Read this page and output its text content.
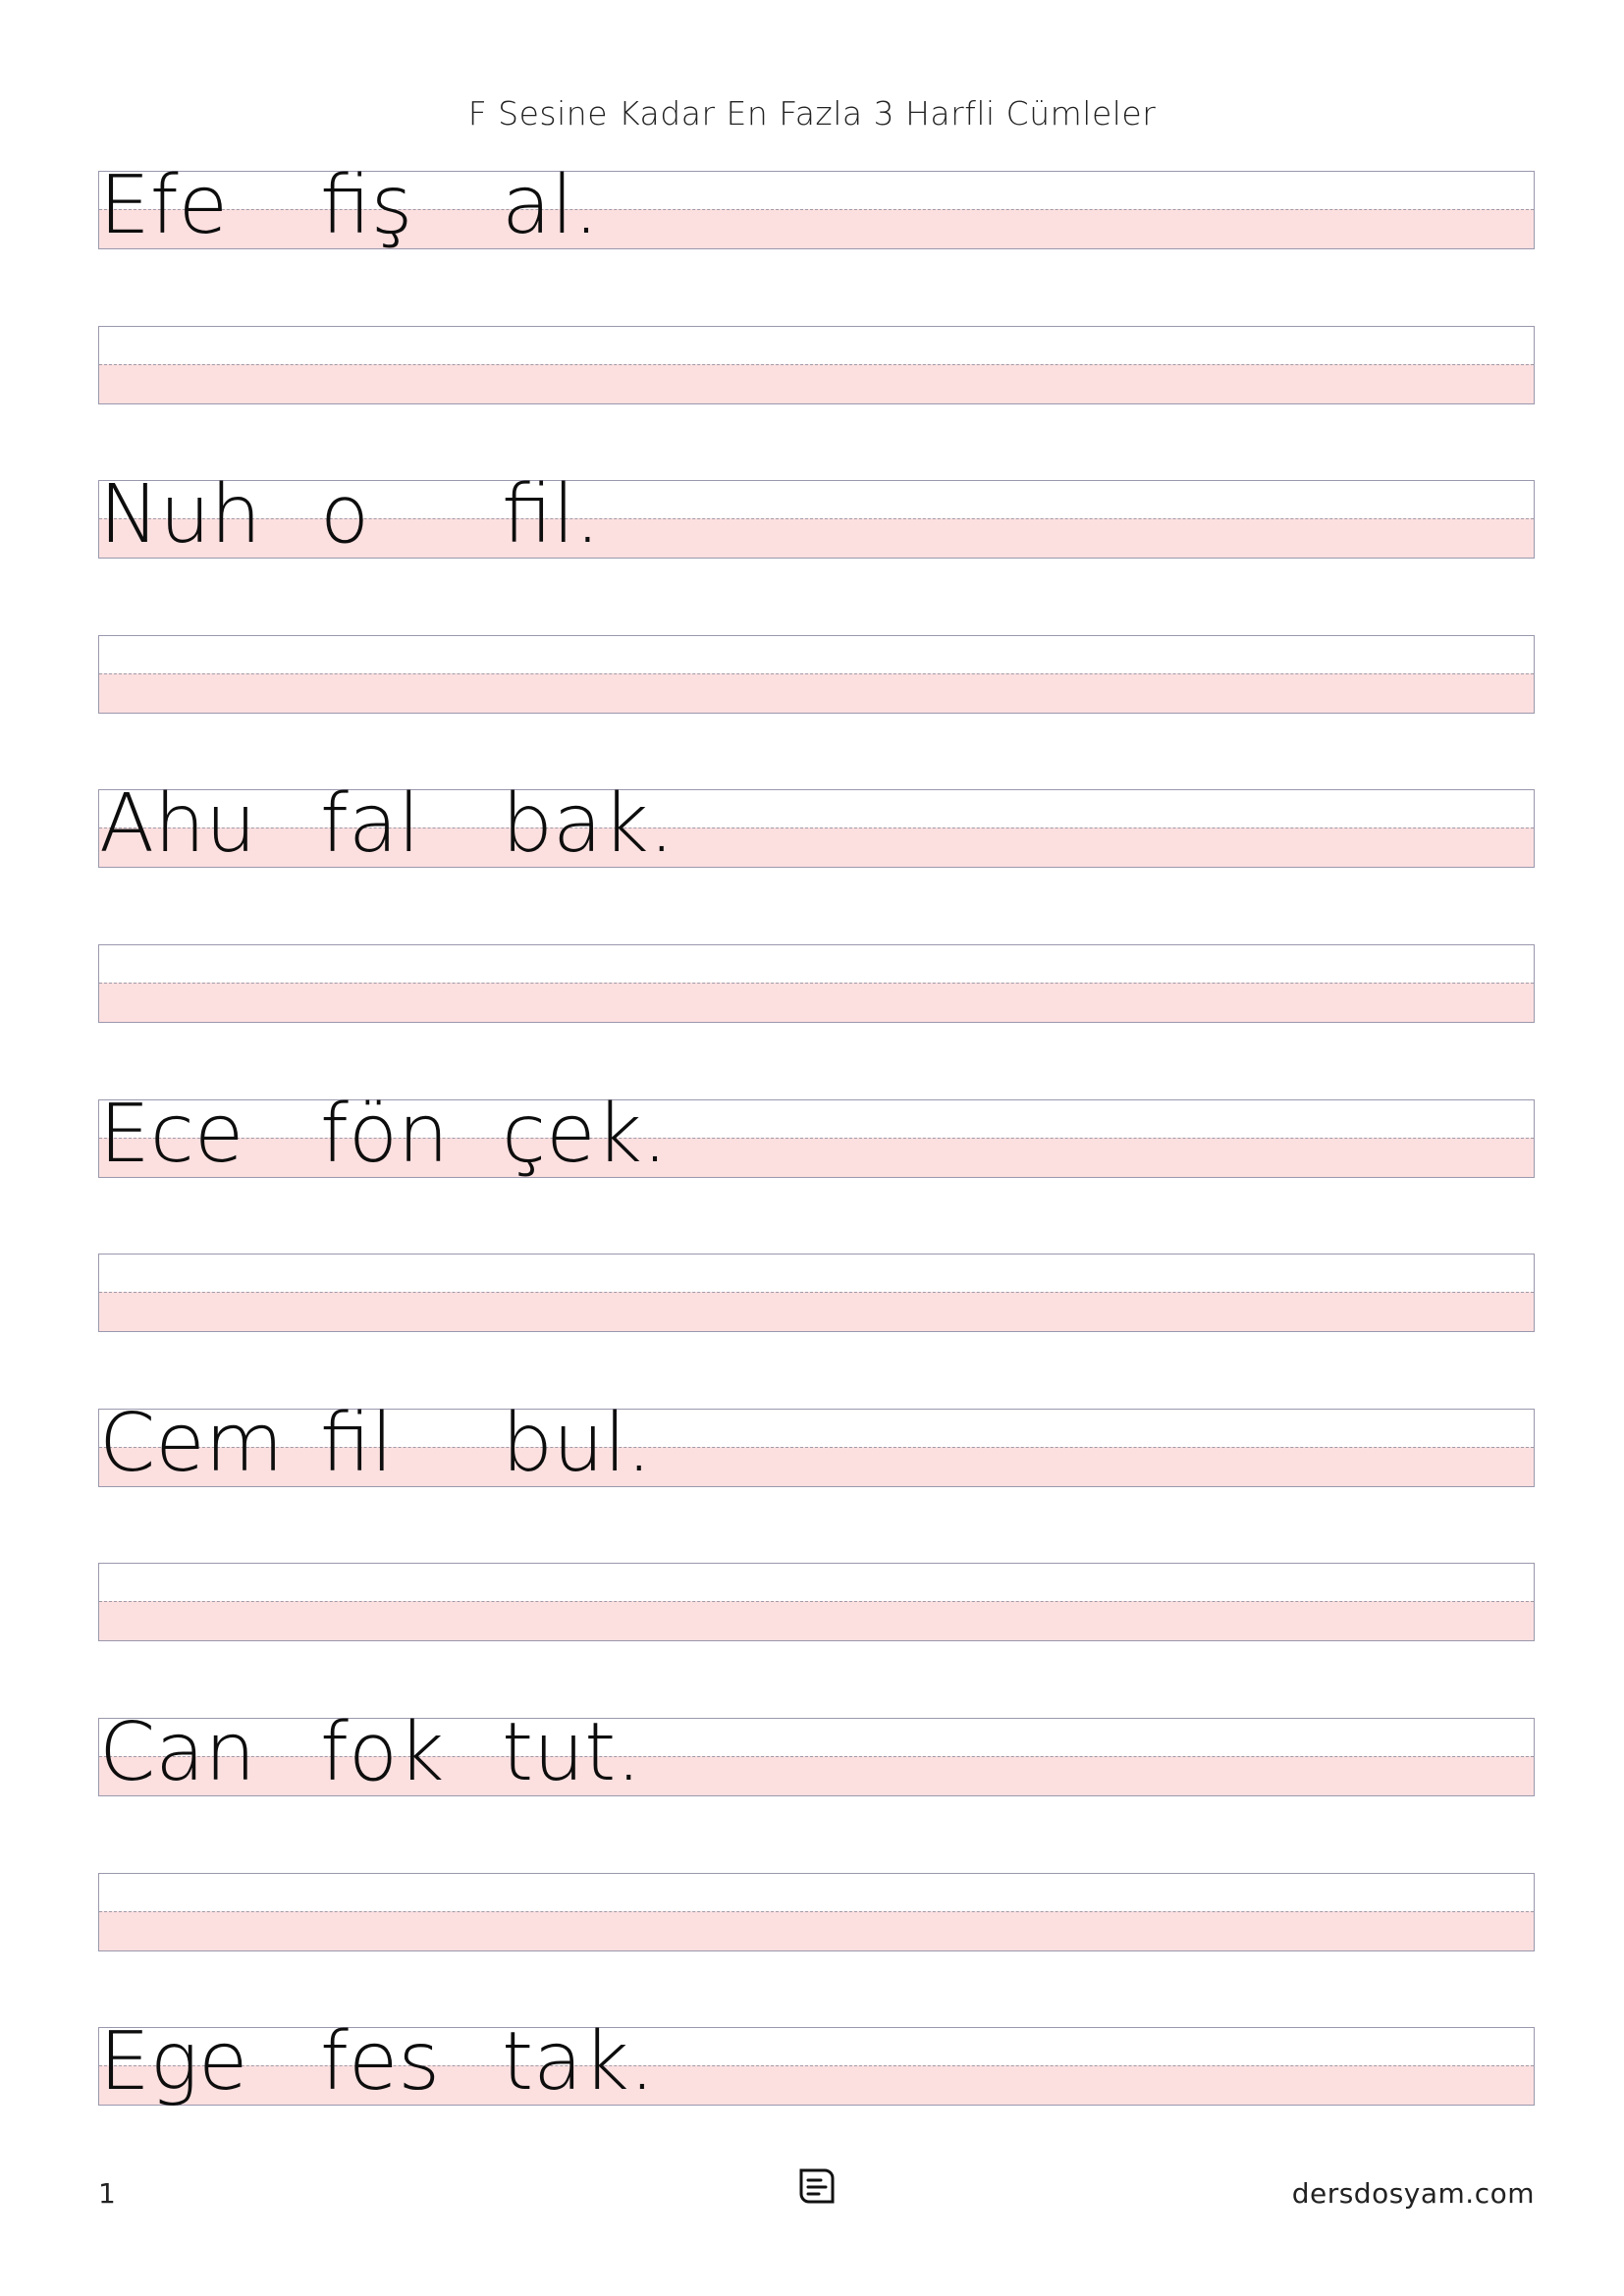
F Sesine Kadar En Fazla 3 Harfli Cümleler
Efe fiş al.
Nuh o fil.
Ahu fal bak.
Ece fön çek.
Cem fil bul.
Can fok tut.
Ege fes tak.
1	dersdosyam.com
